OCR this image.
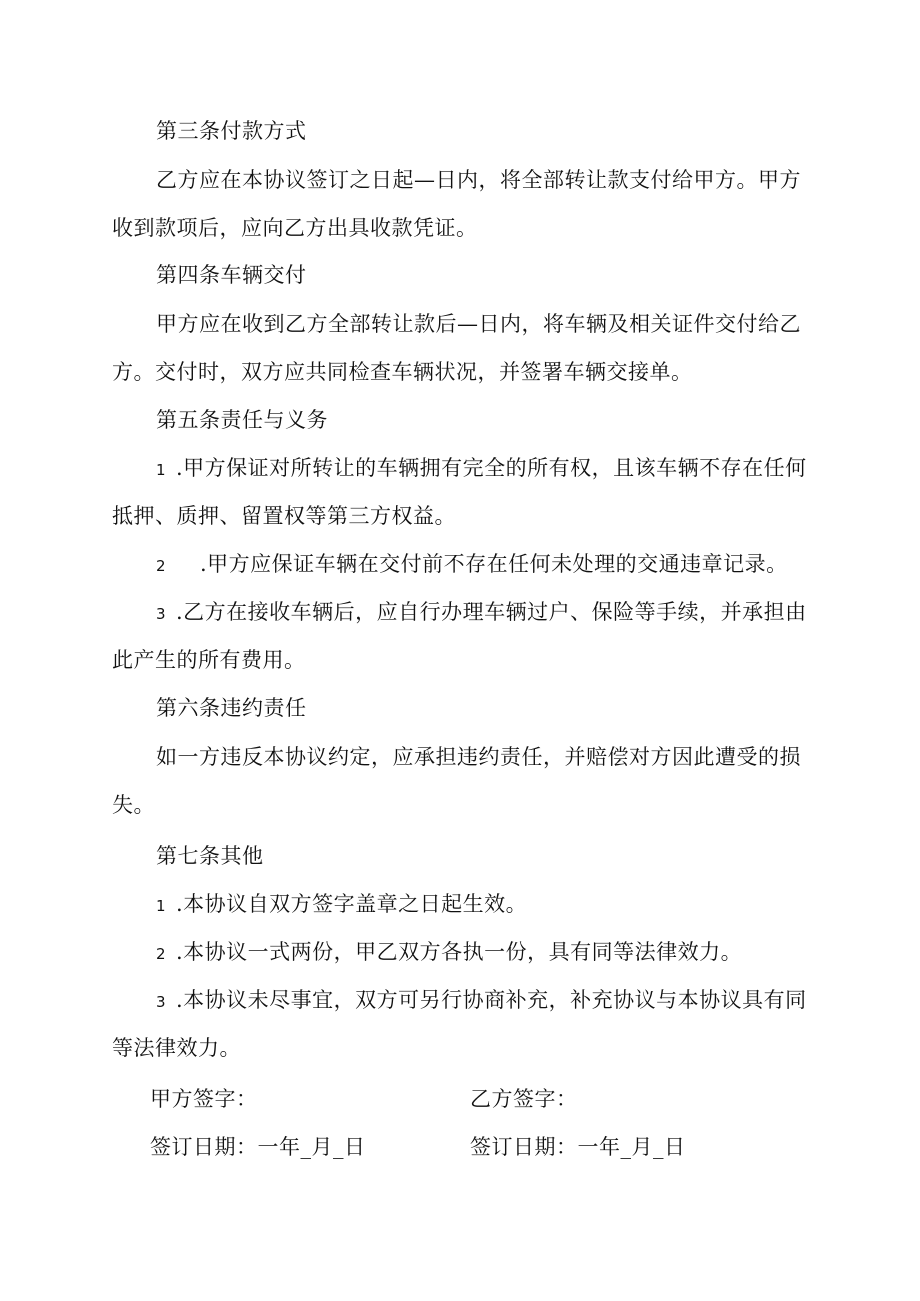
第三条付款方式
乙方应在本协议签订之日起—日内，将全部转让款支付给甲方。甲方
收到款项后，应向乙方出具收款凭证。
第四条车辆交付
甲方应在收到乙方全部转让款后—日内，将车辆及相关证件交付给乙
方。交付时，双方应共同检查车辆状况，并签署车辆交接单。
第五条责任与义务
1 .甲方保证对所转让的车辆拥有完全的所有权，且该车辆不存在任何
抵押、质押、留置权等第三方权益。
2 .甲方应保证车辆在交付前不存在任何未处理的交通违章记录。
3 .乙方在接收车辆后，应自行办理车辆过户、保险等手续，并承担由
此产生的所有费用。
第六条违约责任
如一方违反本协议约定，应承担违约责任，并赔偿对方因此遭受的损
失。
第七条其他
1 .本协议自双方签字盖章之日起生效。
2 .本协议一式两份，甲乙双方各执一份，具有同等法律效力。
3 .本协议未尽事宜，双方可另行协商补充，补充协议与本协议具有同
等法律效力。
甲方签字：	乙方签字：
签订日期：一年_月_日	签订日期：一年_月_日
